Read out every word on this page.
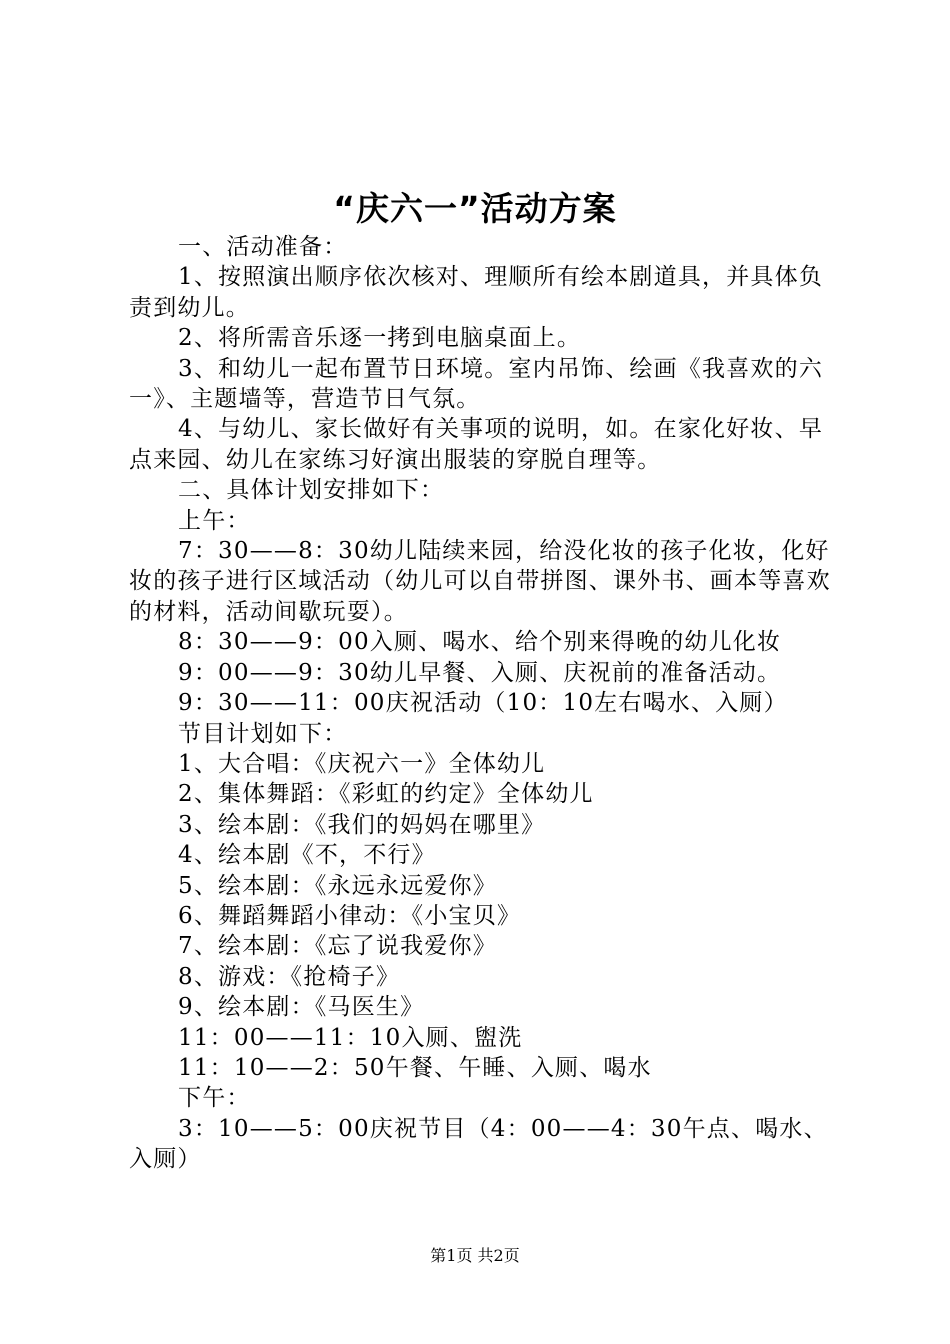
“庆六一”活动方案

一、活动准备：

1、按照演出顺序依次核对、理顺所有绘本剧道具，并具体负责到幼儿。

2、将所需音乐逐一拷到电脑桌面上。

3、和幼儿一起布置节日环境。室内吊饰、绘画《我喜欢的六一》、主题墙等，营造节日气氛。

4、与幼儿、家长做好有关事项的说明，如。在家化好妆、早点来园、幼儿在家练习好演出服装的穿脱自理等。

二、具体计划安排如下：

上午：

7：30——8：30幼儿陆续来园，给没化妆的孩子化妆，化好妆的孩子进行区域活动（幼儿可以自带拼图、课外书、画本等喜欢的材料，活动间歇玩耍）。

8：30——9：00入厕、喝水、给个别来得晚的幼儿化妆

9：00——9：30幼儿早餐、入厕、庆祝前的准备活动。

9：30——11：00庆祝活动（10：10左右喝水、入厕）

节目计划如下：

1、大合唱：《庆祝六一》全体幼儿

2、集体舞蹈：《彩虹的约定》全体幼儿

3、绘本剧：《我们的妈妈在哪里》

4、绘本剧《不，不行》

5、绘本剧：《永远永远爱你》

6、舞蹈舞蹈小律动：《小宝贝》

7、绘本剧：《忘了说我爱你》

8、游戏：《抢椅子》

9、绘本剧：《马医生》

11：00——11：10入厕、盥洗

11：10——2：50午餐、午睡、入厕、喝水

下午：

3：10——5：00庆祝节目（4：00——4：30午点、喝水、入厕）

第1页 共2页
